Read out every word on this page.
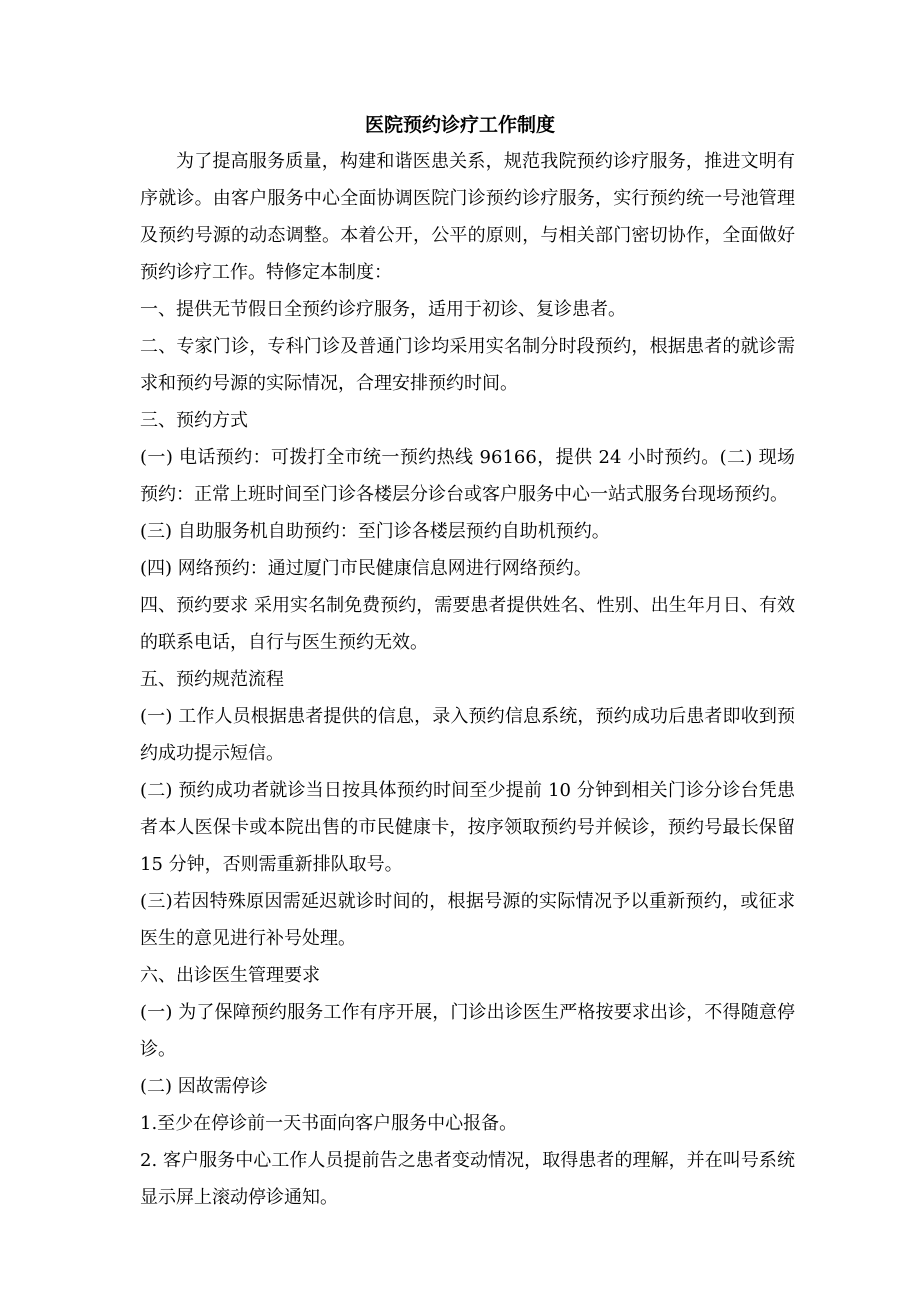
医院预约诊疗工作制度

为了提高服务质量，构建和谐医患关系，规范我院预约诊疗服务，推进文明有序就诊。由客户服务中心全面协调医院门诊预约诊疗服务，实行预约统一号池管理及预约号源的动态调整。本着公开，公平的原则，与相关部门密切协作，全面做好预约诊疗工作。特修定本制度：

一、提供无节假日全预约诊疗服务，适用于初诊、复诊患者。

二、专家门诊，专科门诊及普通门诊均采用实名制分时段预约，根据患者的就诊需求和预约号源的实际情况，合理安排预约时间。

三、预约方式

(一) 电话预约：可拨打全市统一预约热线 96166，提供 24 小时预约。(二) 现场预约：正常上班时间至门诊各楼层分诊台或客户服务中心一站式服务台现场预约。

(三) 自助服务机自助预约：至门诊各楼层预约自助机预约。

(四) 网络预约：通过厦门市民健康信息网进行网络预约。

四、预约要求 采用实名制免费预约，需要患者提供姓名、性别、出生年月日、有效的联系电话，自行与医生预约无效。

五、预约规范流程

(一) 工作人员根据患者提供的信息，录入预约信息系统，预约成功后患者即收到预约成功提示短信。

(二) 预约成功者就诊当日按具体预约时间至少提前 10 分钟到相关门诊分诊台凭患者本人医保卡或本院出售的市民健康卡，按序领取预约号并候诊，预约号最长保留 15 分钟，否则需重新排队取号。

(三)若因特殊原因需延迟就诊时间的，根据号源的实际情况予以重新预约，或征求医生的意见进行补号处理。

六、出诊医生管理要求

(一) 为了保障预约服务工作有序开展，门诊出诊医生严格按要求出诊，不得随意停诊。

(二) 因故需停诊

1.至少在停诊前一天书面向客户服务中心报备。

2. 客户服务中心工作人员提前告之患者变动情况，取得患者的理解，并在叫号系统显示屏上滚动停诊通知。
